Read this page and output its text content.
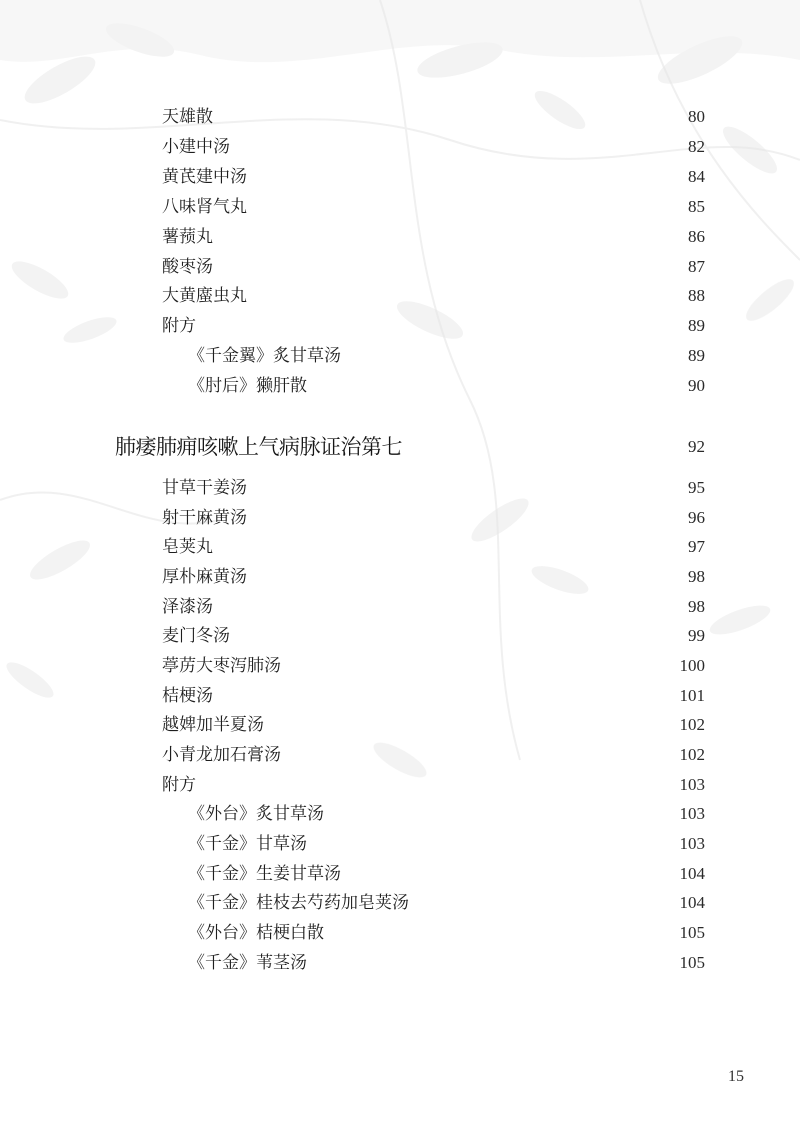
天雄散	80
小建中汤	82
黄芪建中汤	84
八味肾气丸	85
薯蓣丸	86
酸枣汤	87
大黄䗪虫丸	88
附方	89
《千金翼》炙甘草汤	89
《肘后》獭肝散	90
肺痿肺痈咳嗽上气病脉证治第七	92
甘草干姜汤	95
射干麻黄汤	96
皂荚丸	97
厚朴麻黄汤	98
泽漆汤	98
麦门冬汤	99
葶苈大枣泻肺汤	100
桔梗汤	101
越婢加半夏汤	102
小青龙加石膏汤	102
附方	103
《外台》炙甘草汤	103
《千金》甘草汤	103
《千金》生姜甘草汤	104
《千金》桂枝去芍药加皂荚汤	104
《外台》桔梗白散	105
《千金》苇茎汤	105
15
